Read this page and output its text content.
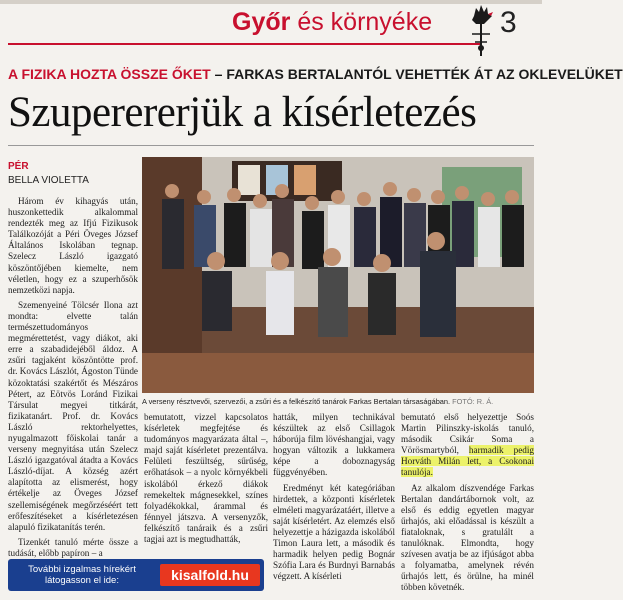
Győr és környéke 3
A FIZIKA HOZTA ÖSSZE ŐKET – FARKAS BERTALANTÓL VEHETTÉK ÁT AZ OKLEVELÜKET
Szuperererjük a kísérletezés
PÉR
BELLA VIOLETTA

Három év kihagyás után, huszonkettedik alkalommal rendezték meg az Ifjú Fizikusok Találkozóját a Péri Öveges József Általános Iskolában tegnap. Szelecz László igazgató köszöntőjében kiemelte, nem véletlen, hogy ez a szuperhősök nemzetközi napja.

Szemenyeiné Tölcsér Ilona azt mondta: elvette talán természettudományos megmérettetést, vagy diákot, aki erre a szabadidejéből áldoz. A zsűri tagjaként köszöntötte prof. dr. Kovács Lászlót, Ágoston Tünde közoktatási szakértőt és Mészáros Pétert, az Eötvös Loránd Fizikai Társulat megyei titkárát, fizikatanárt. Prof. dr. Kovács László rektorhelyettes, nyugalmazott főiskolai tanár a verseny megnyitása után Szelecz László igazgatóval átadta a Kovács László-díjat. A község azért alapította az elismerést, hogy értékelje az Öveges József szellemiségének megőrzéséért tett erőfeszítéseket a kísérletezésen alapuló fizikatanítás terén.

Tizenkét tanuló mérte össze a tudását, előbb papíron – a

A verseny résztvevői, szervezői, a zsűri és a felkészítő tanárok Farkas Bertalan társaságában. FOTÓ: R. Á.

bemutatott, vizzel kapcsolatos kísérletek megfejtése és tudományos magyarázata által –, majd saját kísérletet prezentálva. Felületi feszültség, sűrűség, erőhatások – a nyolc környékbeli iskolából érkező diákok remekeltek mágnesekkel, színes folyadékokkal, árammal és fénnyel játszva. A versenyzők, felkészítő tanáraik és a zsűri tagjai azt is megtudhatták,

hatták, milyen technikával készültek az első Csillagok háborúja film lövéshangjai, vagy hogyan változik a lukkamera képe a doboznagyság függvényében.

Eredményt két kategóriában hirdettek, a központi kísérletek elméleti magyarázatáért, illetve a saját kísérletért. Az elemzés első helyezettje a házigazda iskolából Timon Laura lett, a második és harmadik helyen pedig Bognár Szófia Lara és Burdnyi Barnabás végzett. A kísérleti

bemutató első helyezettje Soós Martin Pilinszky-iskolás tanuló, második Csikár Soma a Vörösmartyból, harmadik pedig Horváth Milán lett, a Csokonai tanulója.

Az alkalom díszvendége Farkas Bertalan dandártábornok volt, az első és eddig egyetlen magyar űrhajós, aki előadással is készült a fiataloknak, s gratulált a tanulóknak. Elmondta, hogy szívesen avatja be az ifjúságot abba a folyamatba, amelynek révén űrhajós lett, és örülne, ha minél többen követnék.

További izgalmas hírekért
látogasson el ide:	kisalfold.hu
